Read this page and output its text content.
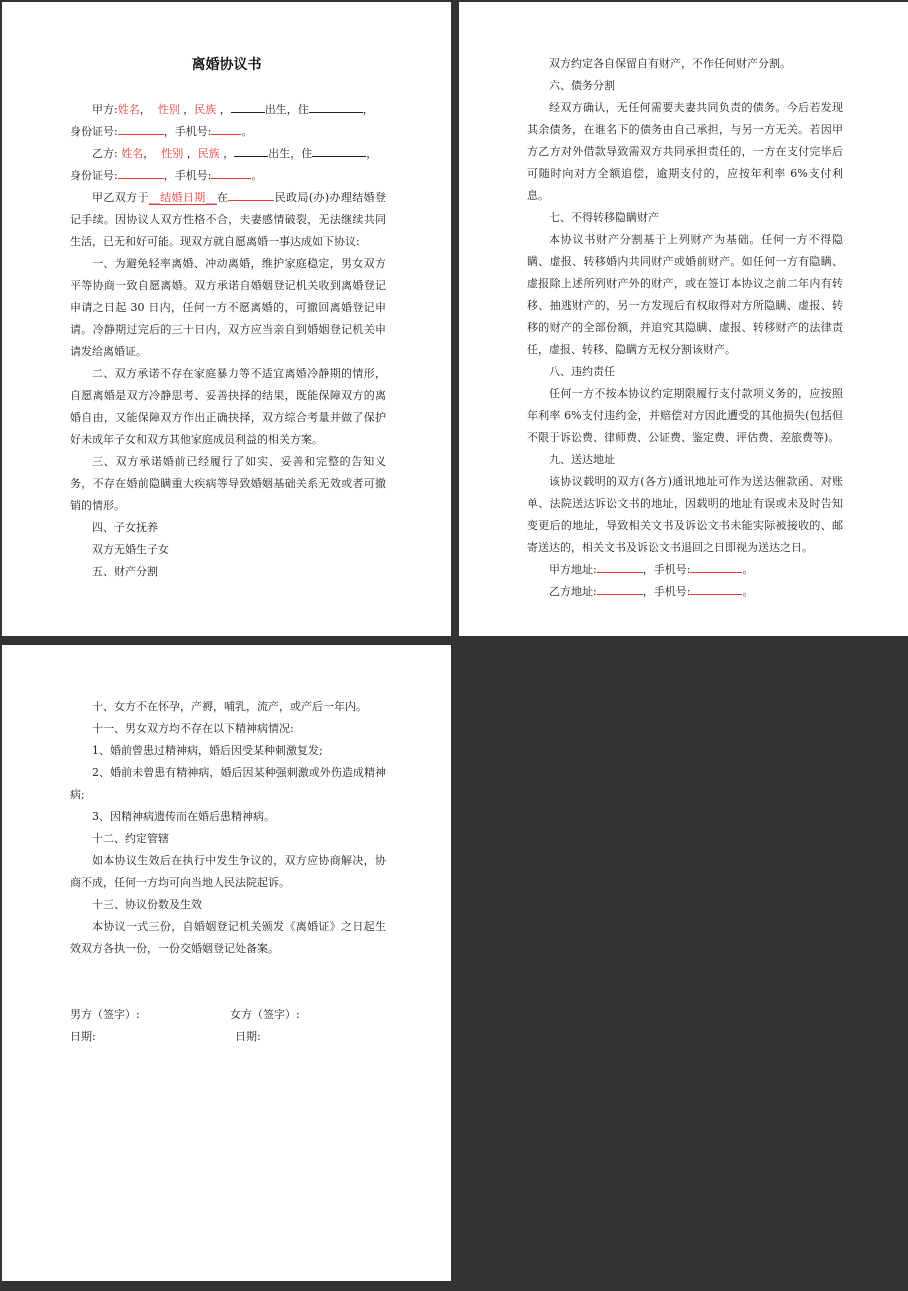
离婚协议书

甲方:姓名，  性别 ，民族 ，	出生，住	，

身份证号:	，手机号:	。

乙方: 姓名，  性别 ，民族 ，	出生，住	，

身份证号:	，手机号:	。

甲乙双方于__结婚日期__在	民政局(办)办理结婚登记手续。因协议人双方性格不合，夫妻感情破裂，无法继续共同生活，已无和好可能。现双方就自愿离婚一事达成如下协议:

一、为避免轻率离婚、冲动离婚，维护家庭稳定，男女双方平等协商一致自愿离婚。双方承诺自婚姻登记机关收到离婚登记申请之日起 30 日内，任何一方不愿离婚的，可撤回离婚登记申请。冷静期过完后的三十日内，双方应当亲自到婚姻登记机关申请发给离婚证。

二、双方承诺不存在家庭暴力等不适宜离婚冷静期的情形，自愿离婚是双方冷静思考、妥善抉择的结果，既能保障双方的离婚自由，又能保障双方作出正确抉择，双方综合考量并做了保护好未成年子女和双方其他家庭成员利益的相关方案。

三、双方承诺婚前已经履行了如实、妥善和完整的告知义务，不存在婚前隐瞒重大疾病等导致婚姻基础关系无效或者可撤销的情形。

四、子女抚养

双方无婚生子女

五、财产分割

双方约定各自保留自有财产，不作任何财产分割。

六、债务分割

经双方确认，无任何需要夫妻共同负责的债务。今后若发现其余债务，在谁名下的债务由自己承担，与另一方无关。若因甲方乙方对外借款导致需双方共同承担责任的，一方在支付完毕后可随时向对方全额追偿，逾期支付的，应按年利率 6%支付利息。

七、不得转移隐瞒财产

本协议书财产分割基于上列财产为基础。任何一方不得隐瞒、虚报、转移婚内共同财产或婚前财产。如任何一方有隐瞒、虚报除上述所列财产外的财产，或在签订本协议之前二年内有转移、抽逃财产的，另一方发现后有权取得对方所隐瞒、虚报、转移的财产的全部份额，并追究其隐瞒、虚报、转移财产的法律责任，虚报、转移、隐瞒方无权分割该财产。

八、违约责任

任何一方不按本协议约定期限履行支付款项义务的，应按照年利率 6%支付违约金，并赔偿对方因此遭受的其他损失(包括但不限于诉讼费、律师费、公证费、鉴定费、评估费、差旅费等)。

九、送达地址

该协议载明的双方(各方)通讯地址可作为送达催款函、对账单、法院送达诉讼文书的地址，因载明的地址有误或未及时告知变更后的地址，导致相关文书及诉讼文书未能实际被接收的、邮寄送达的，相关文书及诉讼文书退回之日即视为送达之日。

甲方地址:	，手机号:	。

乙方地址:	，手机号:	。

十、女方不在怀孕，产褥，哺乳，流产，或产后一年内。

十一、男女双方均不存在以下精神病情况:

1、婚前曾患过精神病，婚后因受某种刺激复发;

2、婚前未曾患有精神病，婚后因某种强刺激或外伤造成精神病;

3、因精神病遗传而在婚后患精神病。

十二、约定管辖

如本协议生效后在执行中发生争议的，双方应协商解决，协商不成，任何一方均可向当地人民法院起诉。

十三、协议份数及生效

本协议一式三份，自婚姻登记机关颁发《离婚证》之日起生效双方各执一份，一份交婚姻登记处备案。

男方（签字）:	女方（签字）:
日期:	日期:
